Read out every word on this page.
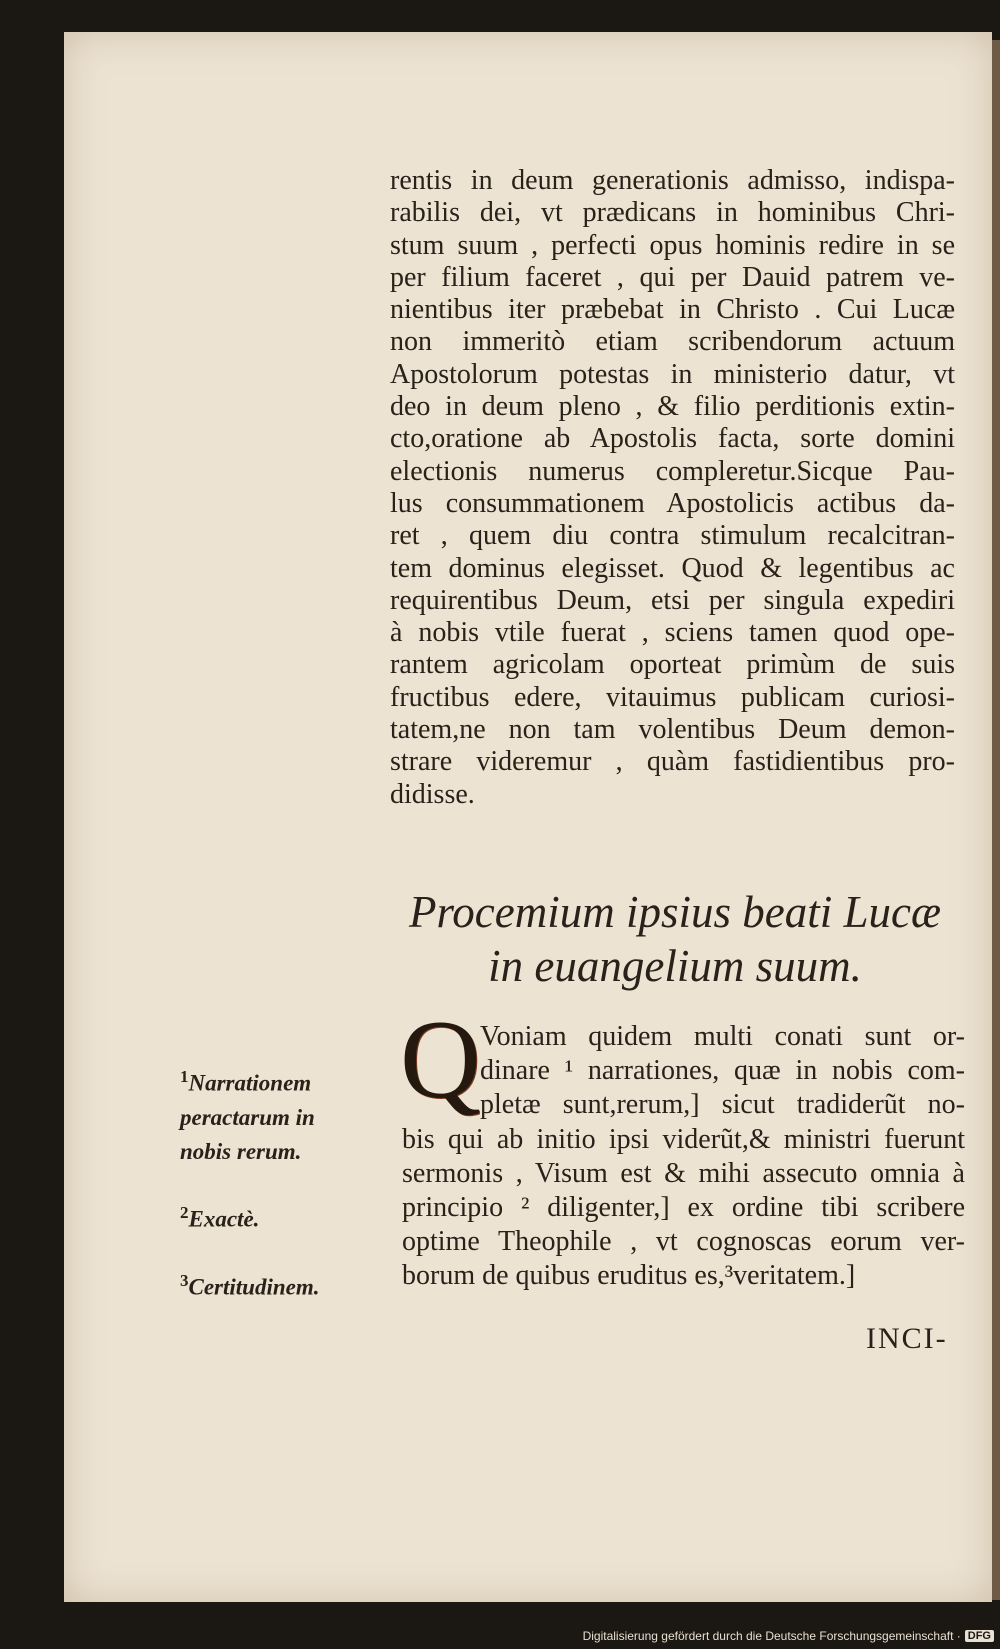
rentis in deum generationis admisso, indispa-
rabilis dei, vt prædicans in hominibus Chri-
stum suum , perfecti opus hominis redire in se
per filium faceret , qui per Dauid patrem ve-
nientibus iter præbebat in Christo . Cui Lucæ
non immeritò etiam scribendorum actuum
Apostolorum potestas in ministerio datur, vt
deo in deum pleno , & filio perditionis extin-
cto,oratione ab Apostolis facta, sorte domini
electionis numerus compleretur.Sicque Pau-
lus consummationem Apostolicis actibus da-
ret , quem diu contra stimulum recalcitran-
tem dominus elegisset. Quod & legentibus ac
requirentibus Deum, etsi per singula expediri
à nobis vtile fuerat , sciens tamen quod ope-
rantem agricolam oporteat primùm de suis
fructibus edere, vitauimus publicam curiosi-
tatem,ne non tam volentibus Deum demon-
strare videremur , quàm fastidientibus pro-
didisse.
Procemium ipsius beati Lucæ
in euangelium suum.
Q Voniam quidem multi conati sunt or-
dinare ¹ narrationes, quæ in nobis com-
pletæ sunt,rerum,] sicut tradiderũt no-
bis qui ab initio ipsi viderũt,& ministri fuerunt
sermonis , Visum est & mihi assecuto omnia à
principio ² diligenter,] ex ordine tibi scribere
optime Theophile , vt cognoscas eorum ver-
borum de quibus eruditus es,³veritatem.]
$^1$Narrationem
peractarum in
nobis rerum.
$^2$Exactè.
$^3$Certitudinem.
INCI-
Digitalisierung gefördert durch die Deutsche Forschungsgemeinschaft · DFG
